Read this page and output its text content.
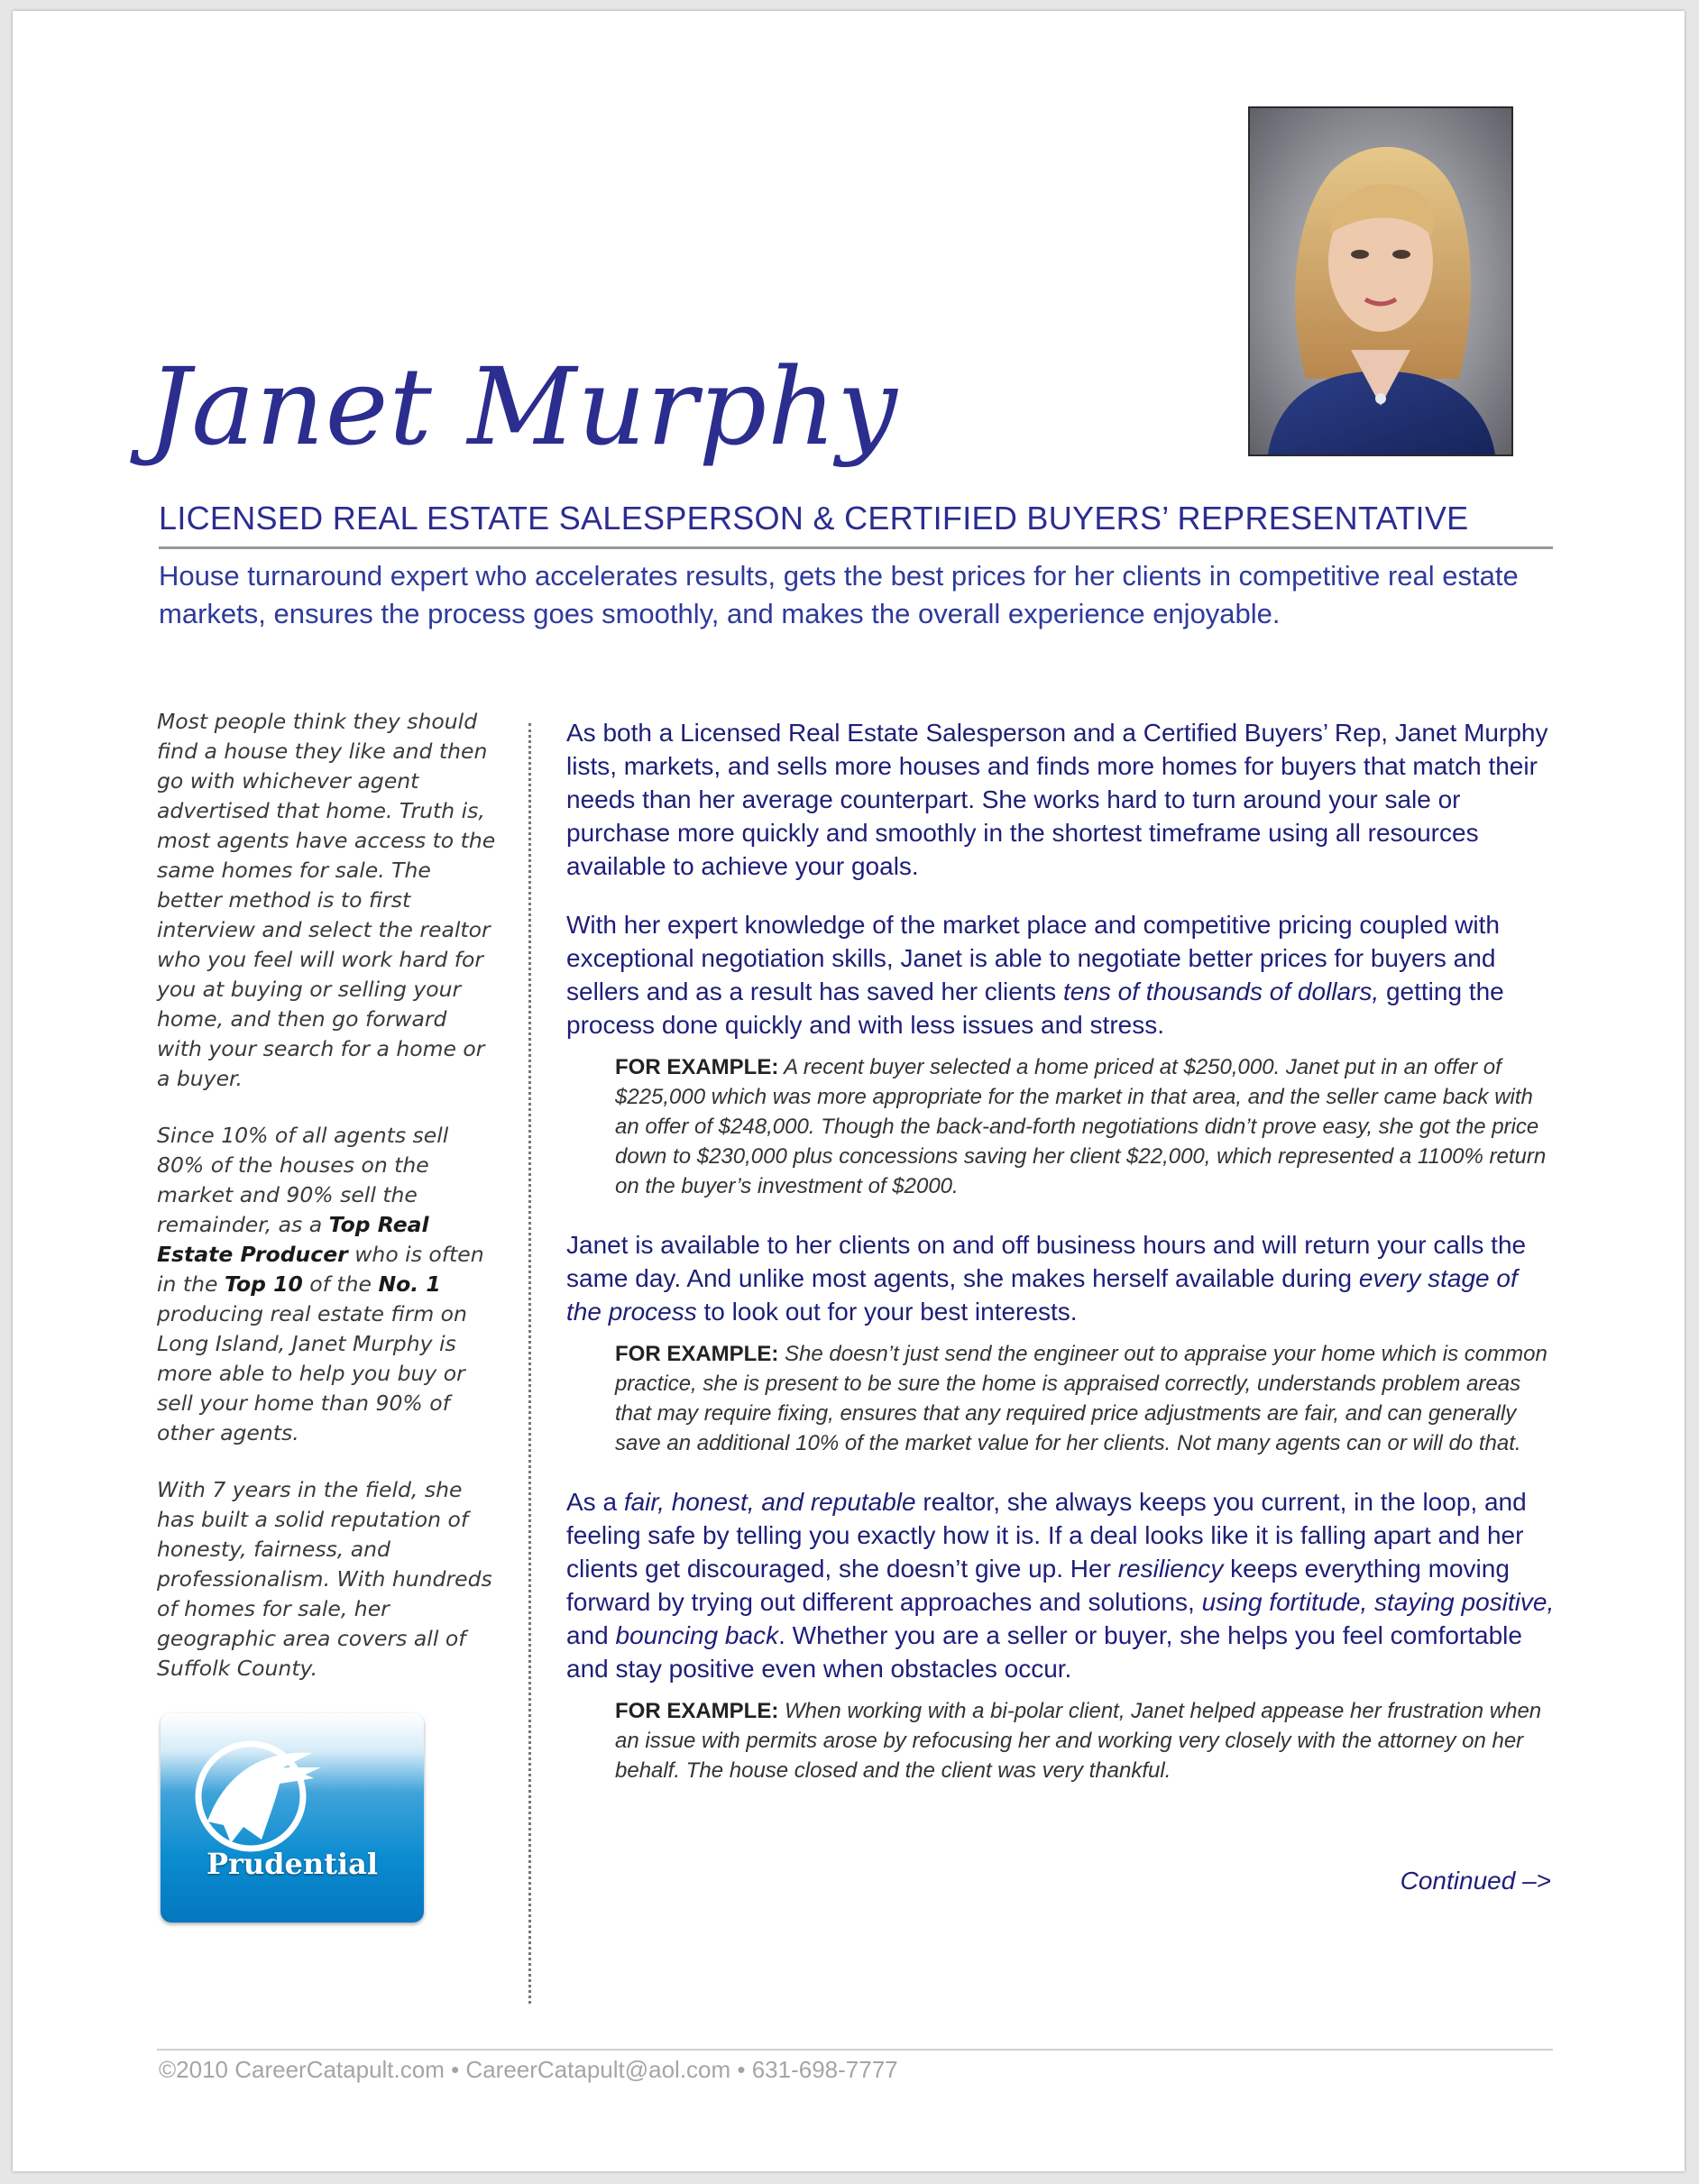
Janet Murphy
LICENSED REAL ESTATE SALESPERSON & CERTIFIED BUYERS’ REPRESENTATIVE
House turnaround expert who accelerates results, gets the best prices for her clients in competitive real estate markets, ensures the process goes smoothly, and makes the overall experience enjoyable.

Most people think they should find a house they like and then go with whichever agent advertised that home. Truth is, most agents have access to the same homes for sale. The better method is to first interview and select the realtor who you feel will work hard for you at buying or selling your home, and then go forward with your search for a home or a buyer.

Since 10% of all agents sell 80% of the houses on the market and 90% sell the remainder, as a Top Real Estate Producer who is often in the Top 10 of the No. 1 producing real estate firm on Long Island, Janet Murphy is more able to help you buy or sell your home than 90% of other agents.

With 7 years in the field, she has built a solid reputation of honesty, fairness, and professionalism. With hundreds of homes for sale, her geographic area covers all of Suffolk County.

Prudential

As both a Licensed Real Estate Salesperson and a Certified Buyers’ Rep, Janet Murphy lists, markets, and sells more houses and finds more homes for buyers that match their needs than her average counterpart. She works hard to turn around your sale or purchase more quickly and smoothly in the shortest timeframe using all resources available to achieve your goals.

With her expert knowledge of the market place and competitive pricing coupled with exceptional negotiation skills, Janet is able to negotiate better prices for buyers and sellers and as a result has saved her clients tens of thousands of dollars, getting the process done quickly and with less issues and stress.

FOR EXAMPLE: A recent buyer selected a home priced at $250,000. Janet put in an offer of $225,000 which was more appropriate for the market in that area, and the seller came back with an offer of $248,000. Though the back-and-forth negotiations didn’t prove easy, she got the price down to $230,000 plus concessions saving her client $22,000, which represented a 1100% return on the buyer’s investment of $2000.

Janet is available to her clients on and off business hours and will return your calls the same day. And unlike most agents, she makes herself available during every stage of the process to look out for your best interests.

FOR EXAMPLE: She doesn’t just send the engineer out to appraise your home which is common practice, she is present to be sure the home is appraised correctly, understands problem areas that may require fixing, ensures that any required price adjustments are fair, and can generally save an additional 10% of the market value for her clients. Not many agents can or will do that.

As a fair, honest, and reputable realtor, she always keeps you current, in the loop, and feeling safe by telling you exactly how it is. If a deal looks like it is falling apart and her clients get discouraged, she doesn’t give up. Her resiliency keeps everything moving forward by trying out different approaches and solutions, using fortitude, staying positive, and bouncing back. Whether you are a seller or buyer, she helps you feel comfortable and stay positive even when obstacles occur.

FOR EXAMPLE: When working with a bi-polar client, Janet helped appease her frustration when an issue with permits arose by refocusing her and working very closely with the attorney on her behalf. The house closed and the client was very thankful.

Continued –>
©2010 CareerCatapult.com • CareerCatapult@aol.com • 631-698-7777
